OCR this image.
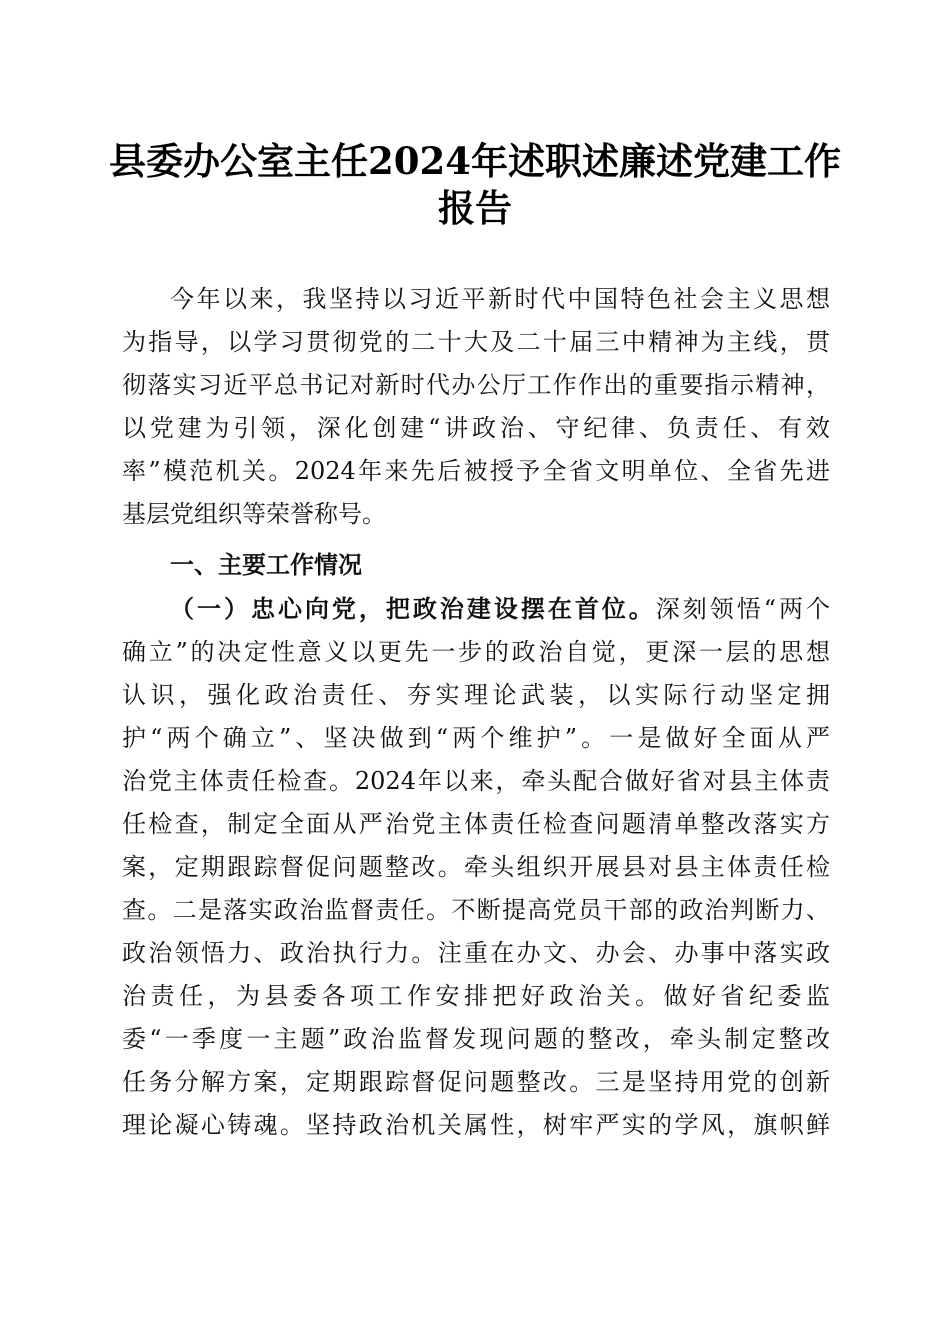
县委办公室主任2024年述职述廉述党建工作
报告
今年以来，我坚持以习近平新时代中国特色社会主义思想
为指导，以学习贯彻党的二十大及二十届三中精神为主线，贯
彻落实习近平总书记对新时代办公厅工作作出的重要指示精神，
以党建为引领，深化创建“讲政治、守纪律、负责任、有效
率”模范机关。2024年来先后被授予全省文明单位、全省先进
基层党组织等荣誉称号。
一、主要工作情况
（一）忠心向党，把政治建设摆在首位。深刻领悟“两个
确立”的决定性意义以更先一步的政治自觉，更深一层的思想
认识，强化政治责任、夯实理论武装，以实际行动坚定拥
护“两个确立”、坚决做到“两个维护”。一是做好全面从严
治党主体责任检查。2024年以来，牵头配合做好省对县主体责
任检查，制定全面从严治党主体责任检查问题清单整改落实方
案，定期跟踪督促问题整改。牵头组织开展县对县主体责任检
查。二是落实政治监督责任。不断提高党员干部的政治判断力、
政治领悟力、政治执行力。注重在办文、办会、办事中落实政
治责任，为县委各项工作安排把好政治关。做好省纪委监
委“一季度一主题”政治监督发现问题的整改，牵头制定整改
任务分解方案，定期跟踪督促问题整改。三是坚持用党的创新
理论凝心铸魂。坚持政治机关属性，树牢严实的学风，旗帜鲜
